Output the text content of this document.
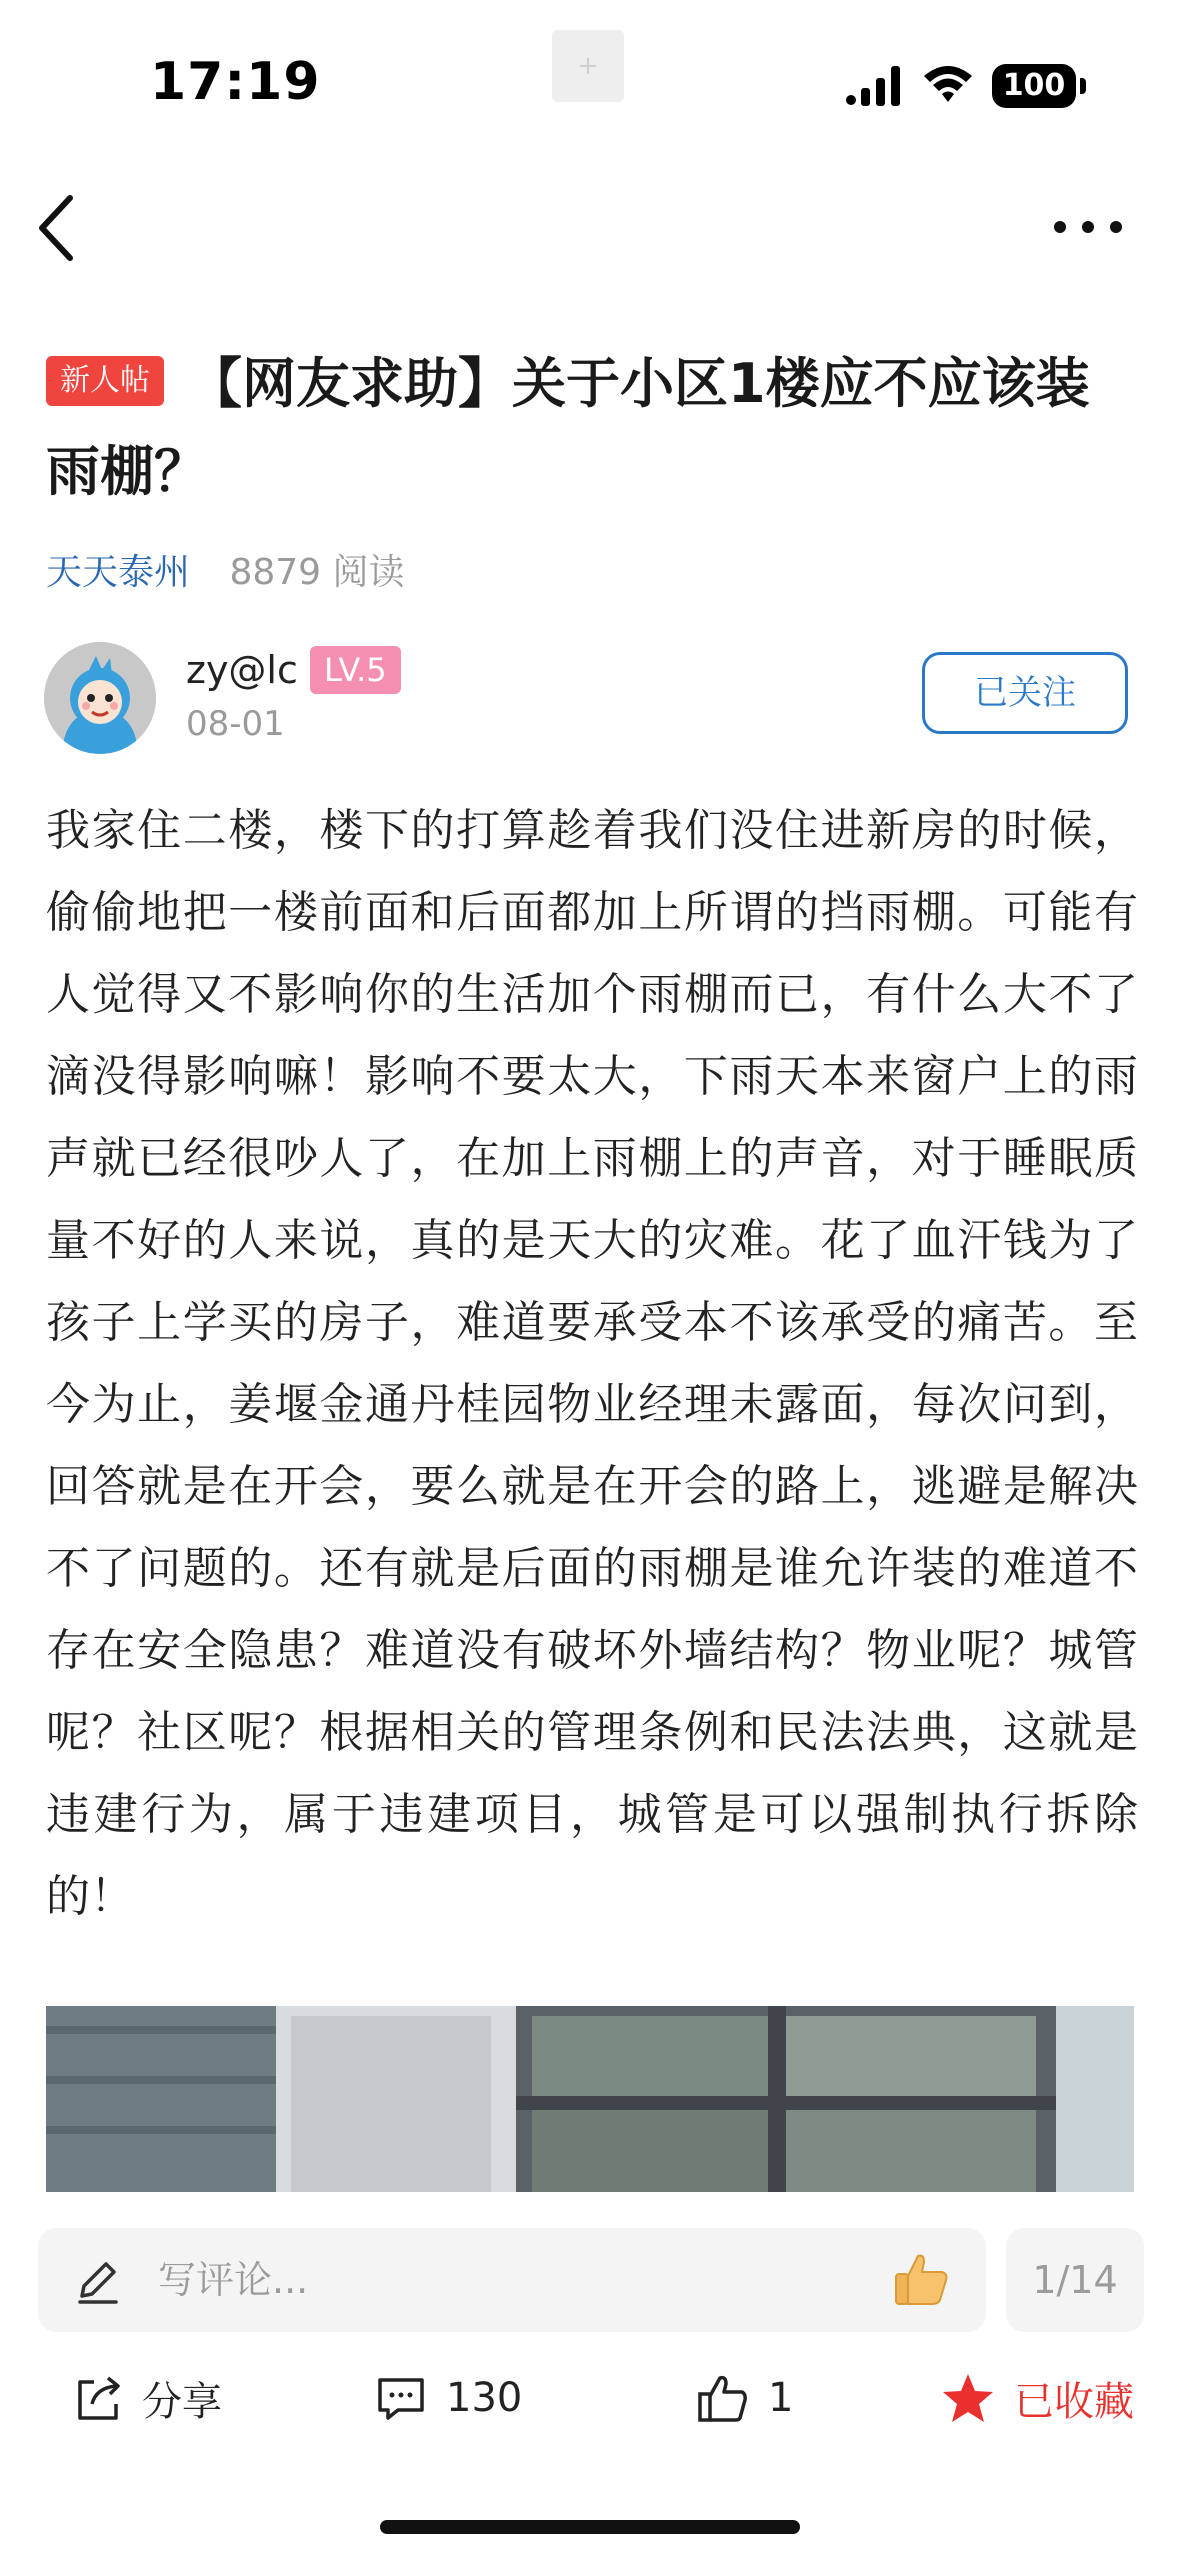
17:19	+
100
新人帖 【网友求助】关于小区1楼应不应该装雨棚？
天天泰州 8879 阅读
zy@lc LV.5
08-01
已关注
我家住二楼，楼下的打算趁着我们没住进新房的时候，偷偷地把一楼前面和后面都加上所谓的挡雨棚。可能有人觉得又不影响你的生活加个雨棚而已，有什么大不了滴没得影响嘛！影响不要太大，下雨天本来窗户上的雨声就已经很吵人了，在加上雨棚上的声音，对于睡眠质量不好的人来说，真的是天大的灾难。花了血汗钱为了孩子上学买的房子，难道要承受本不该承受的痛苦。至今为止，姜堰金通丹桂园物业经理未露面，每次问到，回答就是在开会，要么就是在开会的路上，逃避是解决不了问题的。还有就是后面的雨棚是谁允许装的难道不存在安全隐患？难道没有破坏外墙结构？物业呢？城管呢？社区呢？根据相关的管理条例和民法法典，这就是违建行为，属于违建项目，城管是可以强制执行拆除的！
写评论...	1/14
分享	130	1	已收藏
